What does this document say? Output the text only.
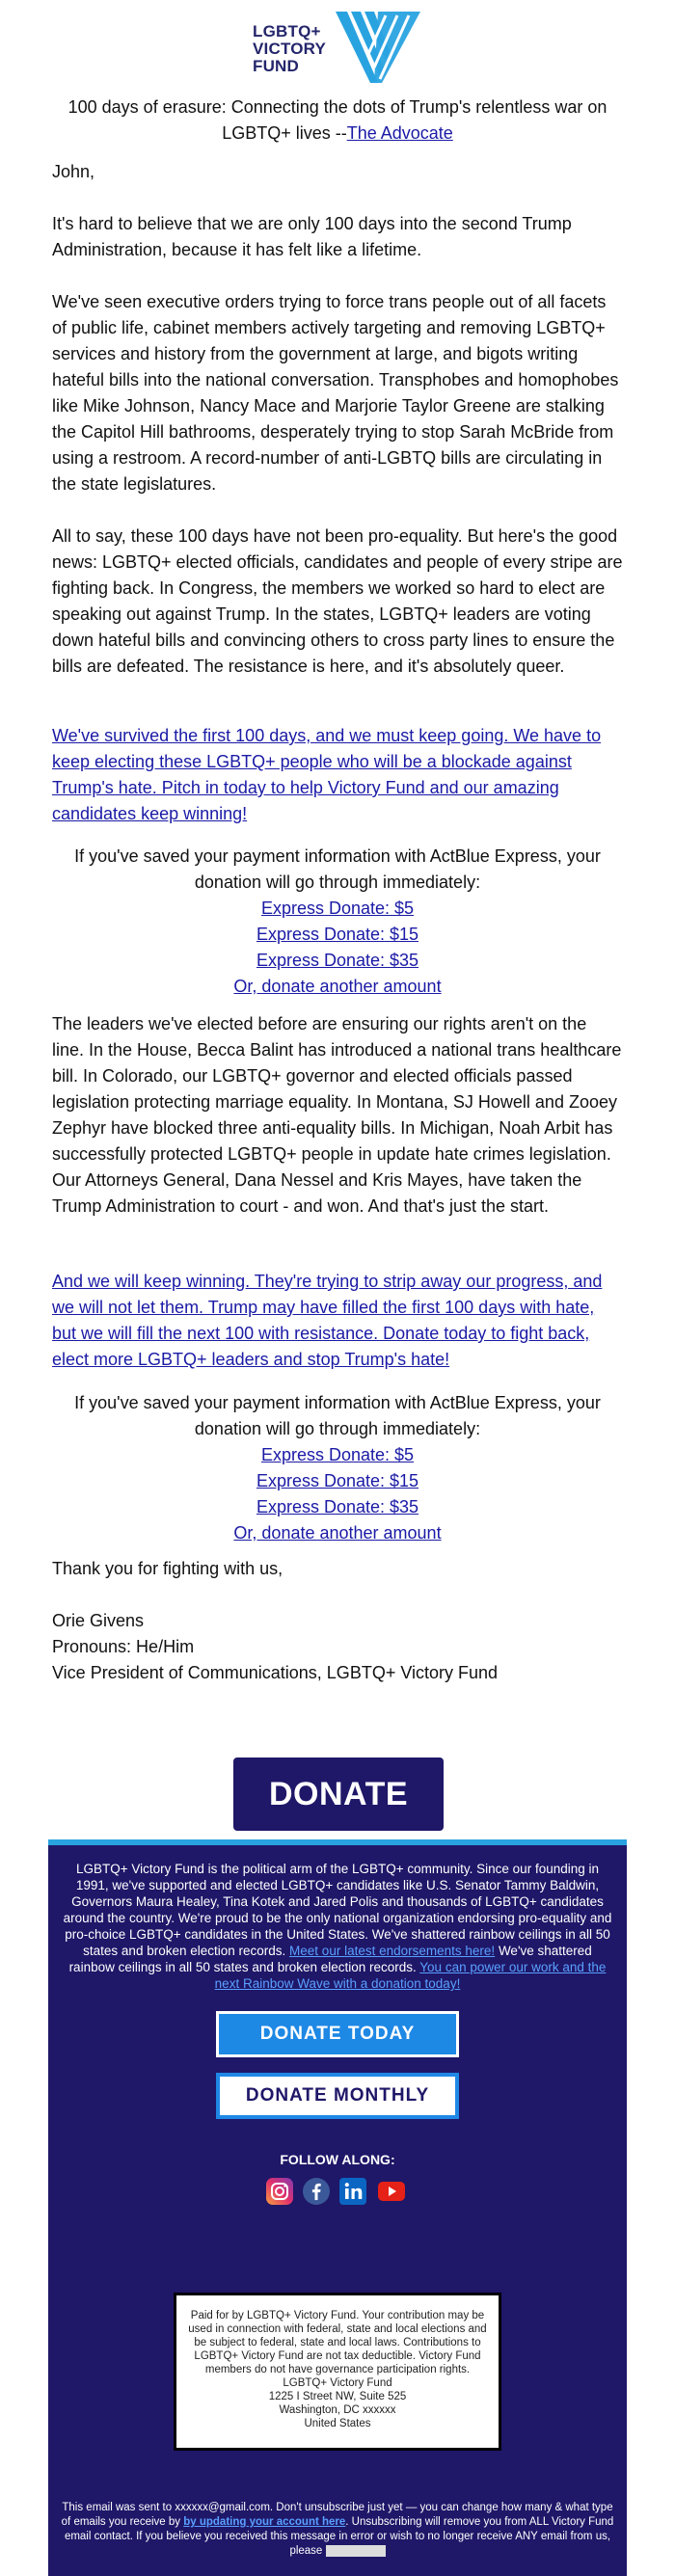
LGBTQ+
VICTORY
FUND
100 days of erasure: Connecting the dots of Trump's relentless war on LGBTQ+ lives --The Advocate
John,
It's hard to believe that we are only 100 days into the second Trump Administration, because it has felt like a lifetime.
We've seen executive orders trying to force trans people out of all facets of public life, cabinet members actively targeting and removing LGBTQ+ services and history from the government at large, and bigots writing hateful bills into the national conversation. Transphobes and homophobes like Mike Johnson, Nancy Mace and Marjorie Taylor Greene are stalking the Capitol Hill bathrooms, desperately trying to stop Sarah McBride from using a restroom. A record-number of anti-LGBTQ bills are circulating in the state legislatures.
All to say, these 100 days have not been pro-equality. But here's the good news: LGBTQ+ elected officials, candidates and people of every stripe are fighting back. In Congress, the members we worked so hard to elect are speaking out against Trump. In the states, LGBTQ+ leaders are voting down hateful bills and convincing others to cross party lines to ensure the bills are defeated. The resistance is here, and it's absolutely queer.
We've survived the first 100 days, and we must keep going. We have to keep electing these LGBTQ+ people who will be a blockade against Trump's hate. Pitch in today to help Victory Fund and our amazing candidates keep winning!
If you've saved your payment information with ActBlue Express, your donation will go through immediately:
Express Donate: $5
Express Donate: $15
Express Donate: $35
Or, donate another amount
The leaders we've elected before are ensuring our rights aren't on the line. In the House, Becca Balint has introduced a national trans healthcare bill. In Colorado, our LGBTQ+ governor and elected officials passed legislation protecting marriage equality. In Montana, SJ Howell and Zooey Zephyr have blocked three anti-equality bills. In Michigan, Noah Arbit has successfully protected LGBTQ+ people in update hate crimes legislation. Our Attorneys General, Dana Nessel and Kris Mayes, have taken the Trump Administration to court - and won. And that's just the start.
And we will keep winning. They're trying to strip away our progress, and we will not let them. Trump may have filled the first 100 days with hate, but we will fill the next 100 with resistance. Donate today to fight back, elect more LGBTQ+ leaders and stop Trump's hate!
If you've saved your payment information with ActBlue Express, your donation will go through immediately:
Express Donate: $5
Express Donate: $15
Express Donate: $35
Or, donate another amount
Thank you for fighting with us,
Orie Givens
Pronouns: He/Him
Vice President of Communications, LGBTQ+ Victory Fund
DONATE
LGBTQ+ Victory Fund is the political arm of the LGBTQ+ community. Since our founding in 1991, we've supported and elected LGBTQ+ candidates like U.S. Senator Tammy Baldwin, Governors Maura Healey, Tina Kotek and Jared Polis and thousands of LGBTQ+ candidates around the country. We're proud to be the only national organization endorsing pro-equality and pro-choice LGBTQ+ candidates in the United States. We've shattered rainbow ceilings in all 50 states and broken election records. Meet our latest endorsements here! We've shattered rainbow ceilings in all 50 states and broken election records. You can power our work and the next Rainbow Wave with a donation today!
DONATE TODAY
DONATE MONTHLY
FOLLOW ALONG:
Paid for by LGBTQ+ Victory Fund. Your contribution may be used in connection with federal, state and local elections and be subject to federal, state and local laws. Contributions to LGBTQ+ Victory Fund are not tax deductible. Victory Fund members do not have governance participation rights.
LGBTQ+ Victory Fund
1225 I Street NW, Suite 525
Washington, DC xxxxxx
United States
This email was sent to xxxxxx@gmail.com. Don't unsubscribe just yet — you can change how many & what type of emails you receive by by updating your account here. Unsubscribing will remove you from ALL Victory Fund email contact. If you believe you received this message in error or wish to no longer receive ANY email from us, please unsubscribe
